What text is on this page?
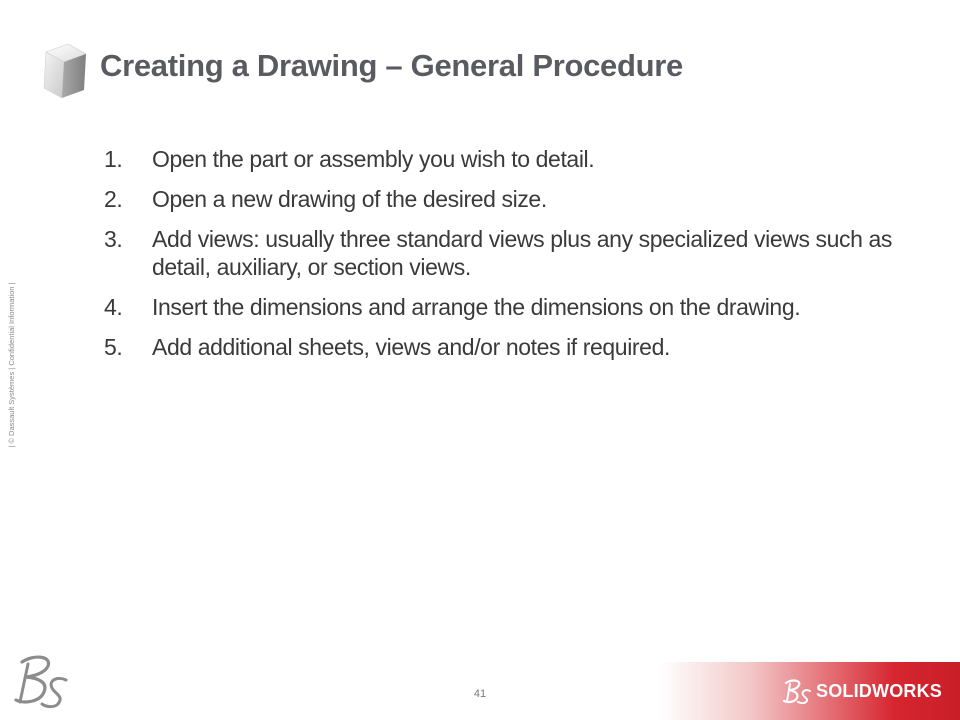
Creating a Drawing – General Procedure
1.	Open the part or assembly you wish to detail.
2.	Open a new drawing of the desired size.
3.	Add views: usually three standard views plus any specialized views such as detail, auxiliary, or section views.
4.	Insert the dimensions and arrange the dimensions on the drawing.
5.	Add additional sheets, views and/or notes if required.
| © Dassault Systèmes | Confidential Information |
41	SOLIDWORKS
